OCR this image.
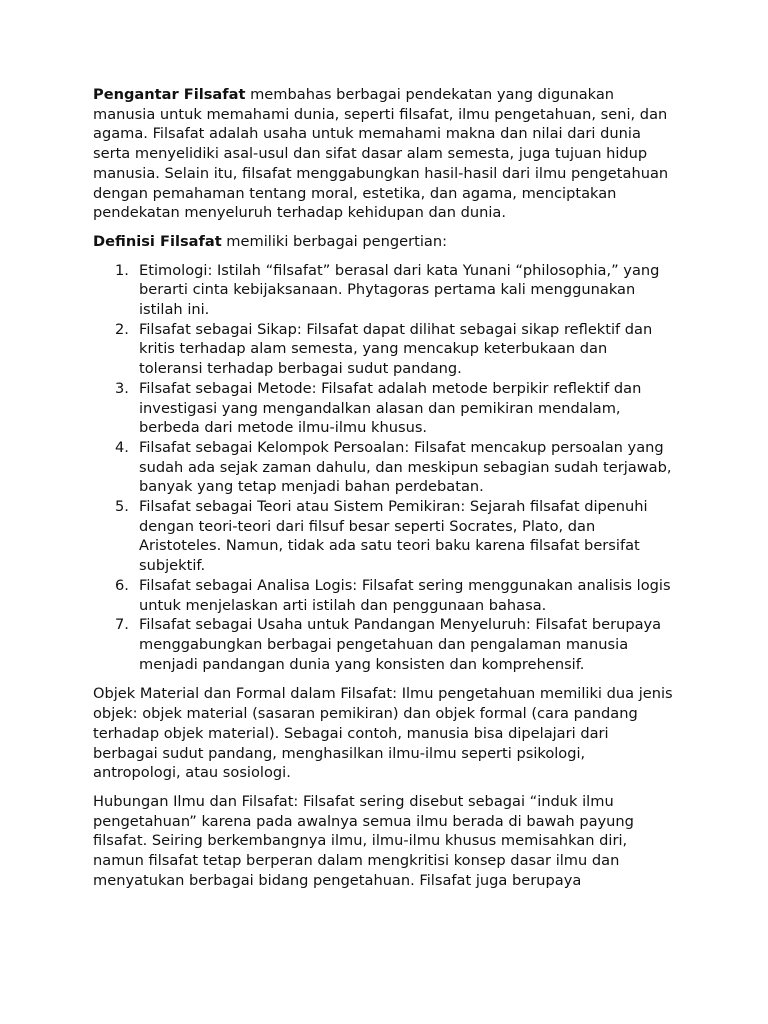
Pengantar Filsafat membahas berbagai pendekatan yang digunakan manusia untuk memahami dunia, seperti filsafat, ilmu pengetahuan, seni, dan agama. Filsafat adalah usaha untuk memahami makna dan nilai dari dunia serta menyelidiki asal-usul dan sifat dasar alam semesta, juga tujuan hidup manusia. Selain itu, filsafat menggabungkan hasil-hasil dari ilmu pengetahuan dengan pemahaman tentang moral, estetika, dan agama, menciptakan pendekatan menyeluruh terhadap kehidupan dan dunia.

Definisi Filsafat memiliki berbagai pengertian:

1. Etimologi: Istilah “filsafat” berasal dari kata Yunani “philosophia,” yang berarti cinta kebijaksanaan. Phytagoras pertama kali menggunakan istilah ini.
2. Filsafat sebagai Sikap: Filsafat dapat dilihat sebagai sikap reflektif dan kritis terhadap alam semesta, yang mencakup keterbukaan dan toleransi terhadap berbagai sudut pandang.
3. Filsafat sebagai Metode: Filsafat adalah metode berpikir reflektif dan investigasi yang mengandalkan alasan dan pemikiran mendalam, berbeda dari metode ilmu-ilmu khusus.
4. Filsafat sebagai Kelompok Persoalan: Filsafat mencakup persoalan yang sudah ada sejak zaman dahulu, dan meskipun sebagian sudah terjawab, banyak yang tetap menjadi bahan perdebatan.
5. Filsafat sebagai Teori atau Sistem Pemikiran: Sejarah filsafat dipenuhi dengan teori-teori dari filsuf besar seperti Socrates, Plato, dan Aristoteles. Namun, tidak ada satu teori baku karena filsafat bersifat subjektif.
6. Filsafat sebagai Analisa Logis: Filsafat sering menggunakan analisis logis untuk menjelaskan arti istilah dan penggunaan bahasa.
7. Filsafat sebagai Usaha untuk Pandangan Menyeluruh: Filsafat berupaya menggabungkan berbagai pengetahuan dan pengalaman manusia menjadi pandangan dunia yang konsisten dan komprehensif.

Objek Material dan Formal dalam Filsafat: Ilmu pengetahuan memiliki dua jenis objek: objek material (sasaran pemikiran) dan objek formal (cara pandang terhadap objek material). Sebagai contoh, manusia bisa dipelajari dari berbagai sudut pandang, menghasilkan ilmu-ilmu seperti psikologi, antropologi, atau sosiologi.

Hubungan Ilmu dan Filsafat: Filsafat sering disebut sebagai “induk ilmu pengetahuan” karena pada awalnya semua ilmu berada di bawah payung filsafat. Seiring berkembangnya ilmu, ilmu-ilmu khusus memisahkan diri, namun filsafat tetap berperan dalam mengkritisi konsep dasar ilmu dan menyatukan berbagai bidang pengetahuan. Filsafat juga berupaya
